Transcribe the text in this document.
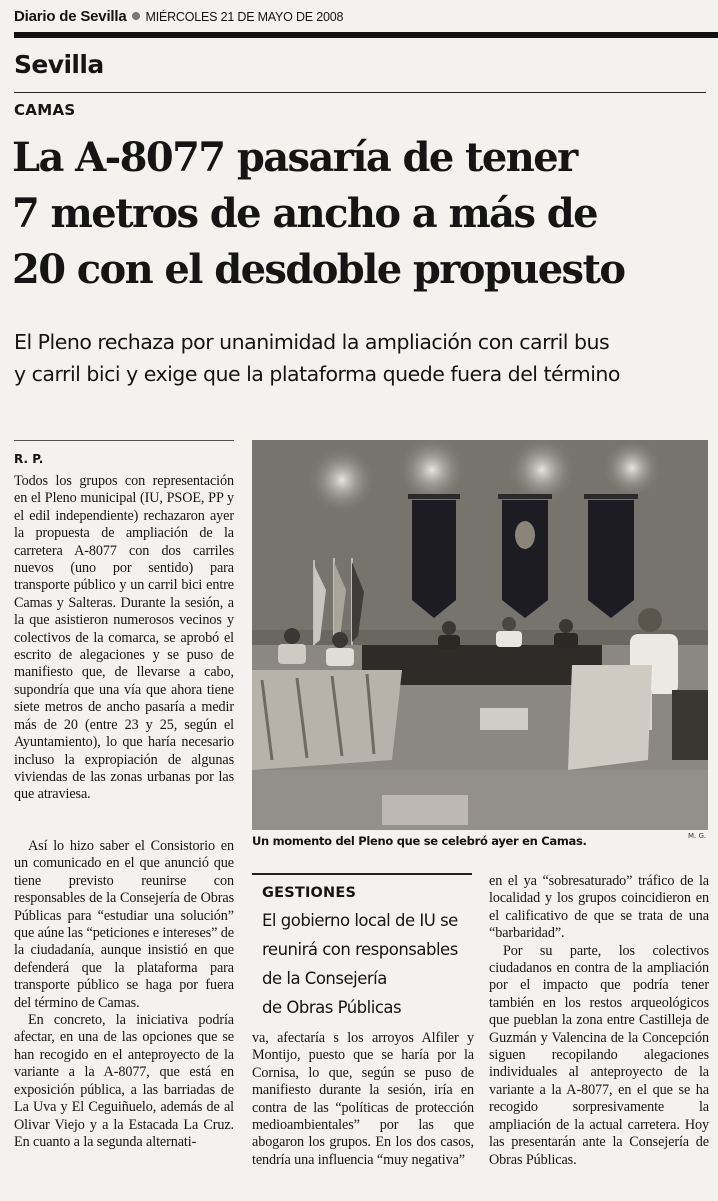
Diario de Sevilla MIÉRCOLES 21 DE MAYO DE 2008
Sevilla
CAMAS
La A-8077 pasaría de tener
7 metros de ancho a más de
20 con el desdoble propuesto
El Pleno rechaza por unanimidad la ampliación con carril bus
y carril bici y exige que la plataforma quede fuera del término
R. P.

Todos los grupos con representación en el Pleno municipal (IU, PSOE, PP y el edil independiente) rechazaron ayer la propuesta de ampliación de la carretera A-8077 con dos carriles nuevos (uno por sentido) para transporte público y un carril bici entre Camas y Salteras. Durante la sesión, a la que asistieron numerosos vecinos y colectivos de la comarca, se aprobó el escrito de alegaciones y se puso de manifiesto que, de llevarse a cabo, supondría que una vía que ahora tiene siete metros de ancho pasaría a medir más de 20 (entre 23 y 25, según el Ayuntamiento), lo que haría necesario incluso la expropiación de algunas viviendas de las zonas urbanas por las que atraviesa.

Así lo hizo saber el Consistorio en un comunicado en el que anunció que tiene previsto reunirse con responsables de la Consejería de Obras Públicas para “estudiar una solución” que aúne las “peticiones e intereses” de la ciudadanía, aunque insistió en que defenderá que la plataforma para transporte público se haga por fuera del término de Camas.

En concreto, la iniciativa podría afectar, en una de las opciones que se han recogido en el anteproyecto de la variante a la A-8077, que está en exposición pública, a las barriadas de La Uva y El Ceguiñuelo, además de al Olivar Viejo y a la Estacada La Cruz. En cuanto a la segunda alternati-

Un momento del Pleno que se celebró ayer en Camas.	M. G.
GESTIONES
El gobierno local de IU se
reunirá con responsables
de la Consejería
de Obras Públicas

va, afectaría s los arroyos Alfiler y Montijo, puesto que se haría por la Cornisa, lo que, según se puso de manifiesto durante la sesión, iría en contra de las “políticas de protección medioambientales” por las que abogaron los grupos. En los dos casos, tendría una influencia “muy negativa”

en el ya “sobresaturado” tráfico de la localidad y los grupos coincidieron en el calificativo de que se trata de una “barbaridad”.

Por su parte, los colectivos ciudadanos en contra de la ampliación por el impacto que podría tener también en los restos arqueológicos que pueblan la zona entre Castilleja de Guzmán y Valencina de la Concepción siguen recopilando alegaciones individuales al anteproyecto de la variante a la A-8077, en el que se ha recogido sorpresivamente la ampliación de la actual carretera. Hoy las presentarán ante la Consejería de Obras Públicas.
